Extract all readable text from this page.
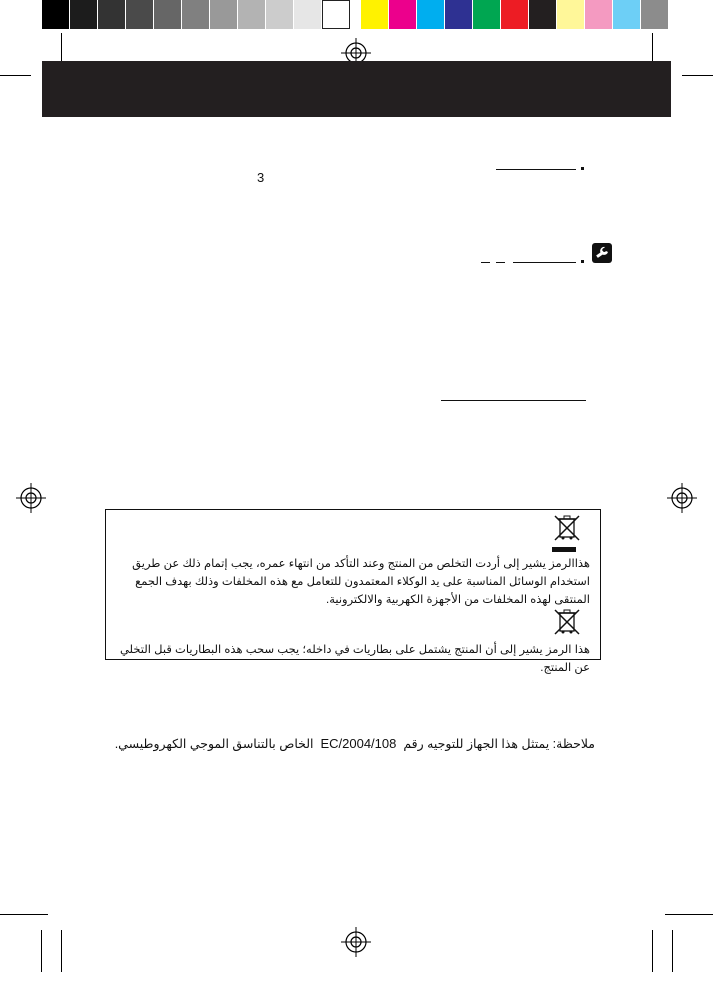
3
هذاالرمز يشير إلى أردت التخلص من المنتج وعند التأكد من انتهاء عمره، يجب إتمام ذلك عن طريق استخدام الوسائل المناسبة على يد الوكلاء المعتمدون للتعامل مع هذه المخلفات وذلك بهدف الجمع المنتقى لهذه المخلفات من الأجهزة الكهربية والالكترونية.
هذا الرمز يشير إلى أن المنتج يشتمل على بطاريات في داخله؛ يجب سحب هذه البطاريات قبل التخلي عن المنتج.
ملاحظة: يمتثل هذا الجهاز للتوجيه رقم  EC/2004/108  الخاص بالتناسق الموجي الكهروطيسي.
